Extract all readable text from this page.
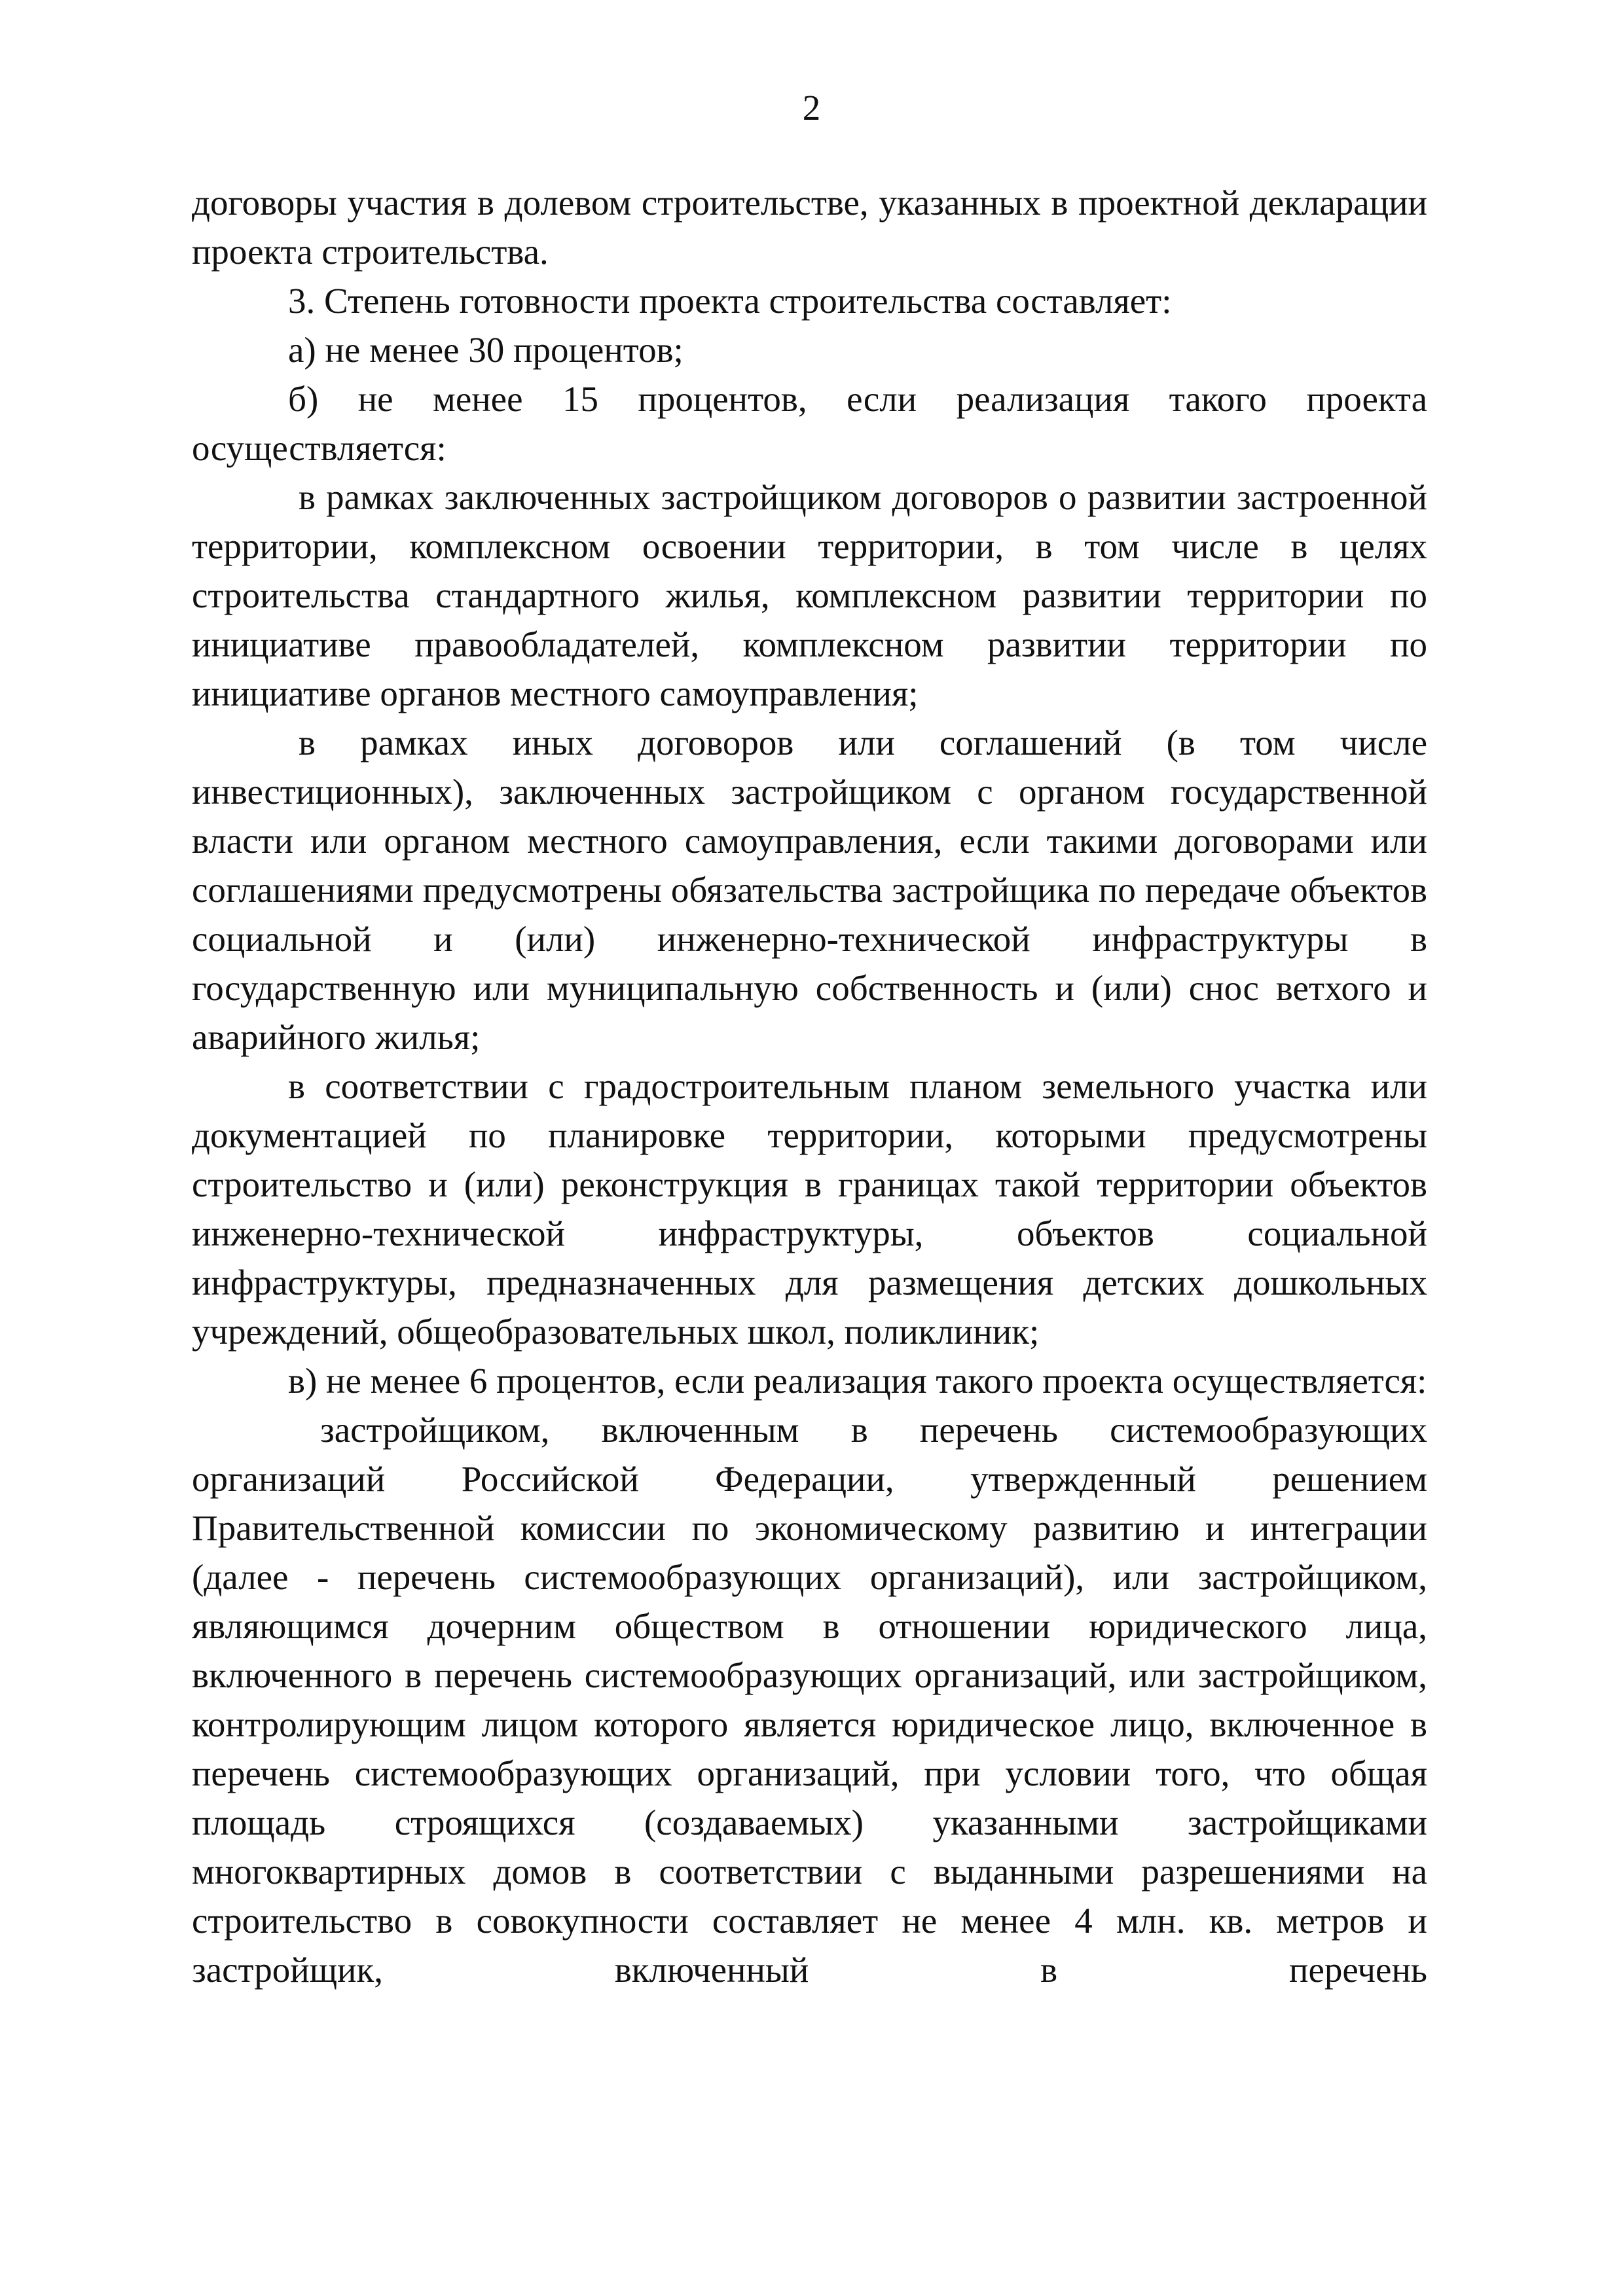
2

договоры участия в долевом строительстве, указанных в проектной декларации проекта строительства.

3. Степень готовности проекта строительства составляет:

а) не менее 30 процентов;

б) не менее 15 процентов, если реализация такого проекта осуществляется:

в рамках заключенных застройщиком договоров о развитии застроенной территории, комплексном освоении территории, в том числе в целях строительства стандартного жилья, комплексном развитии территории по инициативе правообладателей, комплексном развитии территории по инициативе органов местного самоуправления;

в рамках иных договоров или соглашений (в том числе инвестиционных), заключенных застройщиком с органом государственной власти или органом местного самоуправления, если такими договорами или соглашениями предусмотрены обязательства застройщика по передаче объектов социальной и (или) инженерно-технической инфраструктуры в государственную или муниципальную собственность и (или) снос ветхого и аварийного жилья;

в соответствии с градостроительным планом земельного участка или документацией по планировке территории, которыми предусмотрены строительство и (или) реконструкция в границах такой территории объектов инженерно-технической инфраструктуры, объектов социальной инфраструктуры, предназначенных для размещения детских дошкольных учреждений, общеобразовательных школ, поликлиник;

в) не менее 6 процентов, если реализация такого проекта осуществляется:

застройщиком, включенным в перечень системообразующих организаций Российской Федерации, утвержденный решением Правительственной комиссии по экономическому развитию и интеграции (далее - перечень системообразующих организаций), или застройщиком, являющимся дочерним обществом в отношении юридического лица, включенного в перечень системообразующих организаций, или застройщиком, контролирующим лицом которого является юридическое лицо, включенное в перечень системообразующих организаций, при условии того, что общая площадь строящихся (создаваемых) указанными застройщиками многоквартирных домов в соответствии с выданными разрешениями на строительство в совокупности составляет не менее 4 млн. кв. метров и застройщик, включенный в перечень
